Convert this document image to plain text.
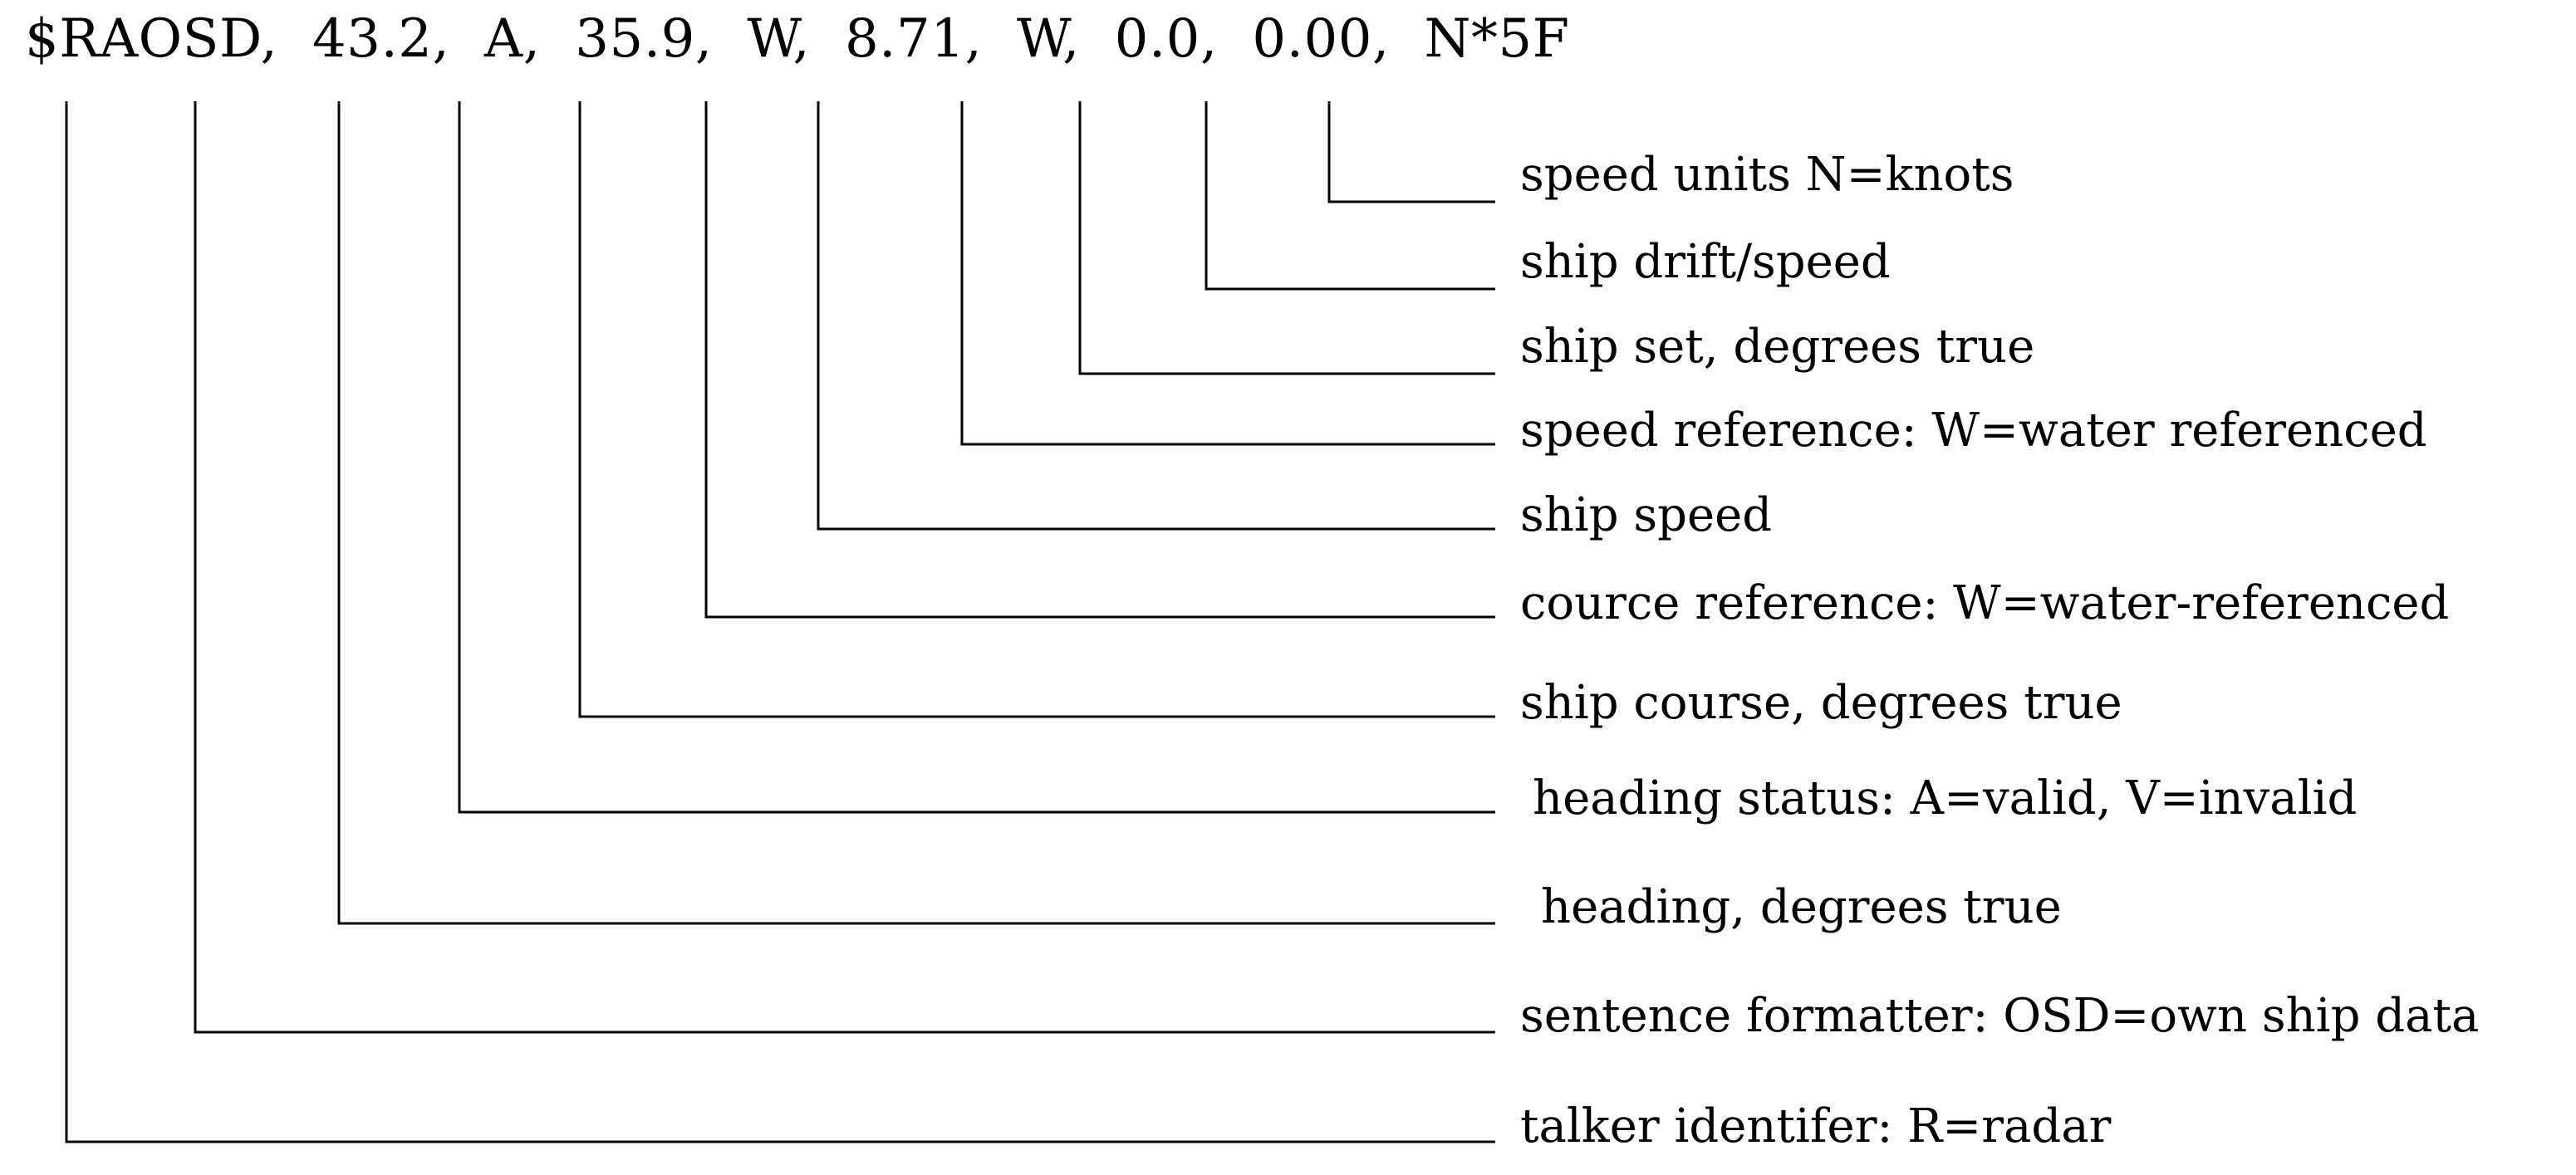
$RAOSD,  43.2,  A,  35.9,  W,  8.71,  W,  0.0,  0.00,  N*5F
speed units N=knots
ship drift/speed
ship set, degrees true
speed reference: W=water referenced
ship speed
cource reference: W=water-referenced
ship course, degrees true
heading status: A=valid, V=invalid
heading, degrees true
sentence formatter: OSD=own ship data
talker identifer: R=radar
